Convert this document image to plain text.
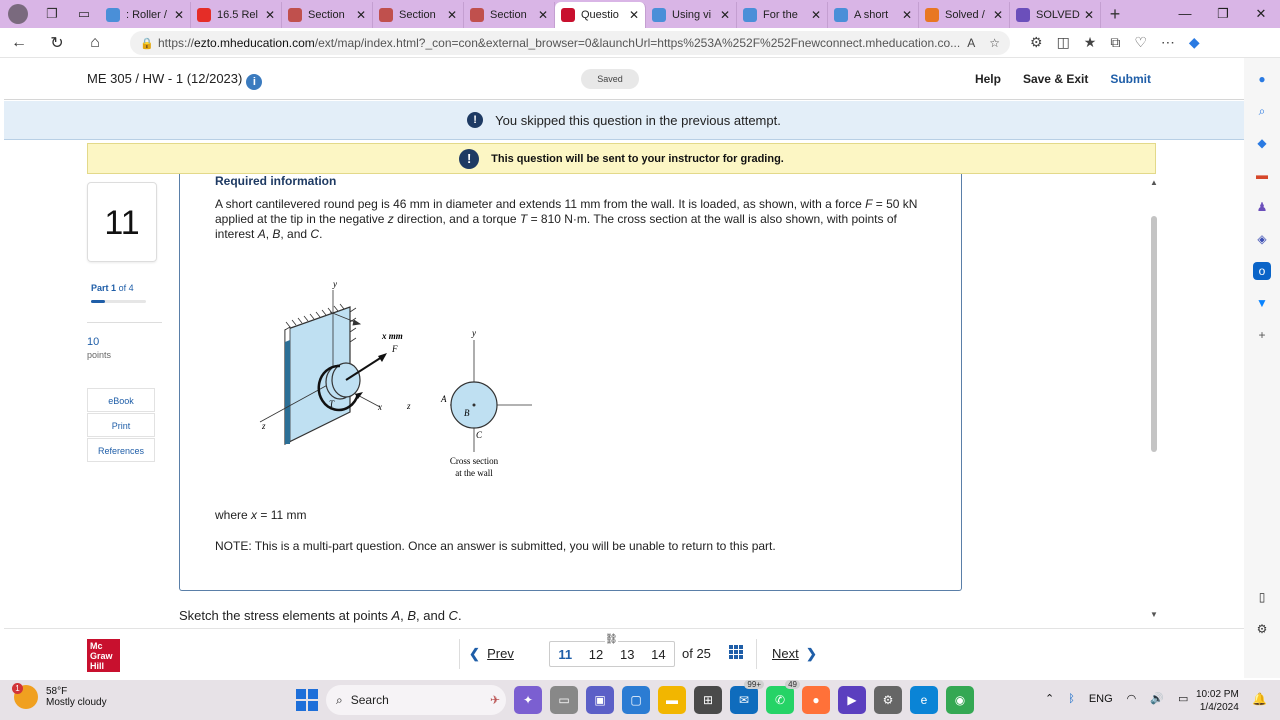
❐	▭	: Roller / ✕	16.5 Rel ✕	Section ✕	Section ✕	Section ✕	Questio ✕	Using vi ✕	For the	✕	A short	✕	Solved / ✕	SOLVED ✕ +	—	❐	✕
←	↻	⌂	🔒 https:// ezto.mheducation.com /ext/map/index.html?_con=con&external_browser=0&launchUrl=https%253A%252F%252Fnewconnect.mheducation.co... A ☆ ⚙ ◫ ★ ⧉ ♡ ⋯ ◆
●
⌕
◆
▬
♟
◈
o
▼
+
▯
⚙
ME 305 / HW - 1 (12/2023) i	Saved	Help Save & Exit Submit
!	You skipped this question in the previous attempt.
!	This question will be sent to your instructor for grading.
11
Part 1 of 4
10
points
eBook
Print
References
Required information
A short cantilevered round peg is 46 mm in diameter and extends 11 mm from the wall. It is loaded, as shown, with a force F = 50 kN applied at the tip in the negative z direction, and a torque T = 810 N·m. The cross section at the wall is also shown, with points of interest A, B, and C.
y
x mm
F
T	x
z
y
z
A
B
C
Cross section
at the wall
where x = 11 mm
NOTE: This is a multi-part question. Once an answer is submitted, you will be unable to return to this part.
Sketch the stress elements at points A, B, and C.
▲
▼
Mc
Graw
Hill
❮ Prev
⛓
11 12 13 14 of 25	Next ❯
1	58°F
Mostly cloudy	⌕ Search	✈	✦	▭	▣	▢	▬	⊞	✉
99+
✆
49
●	▶	⚙	e	◉	⌃ ᛒ ENG ◠ 🔊 ▭ 10:02 PM
1/4/2024
🔔
